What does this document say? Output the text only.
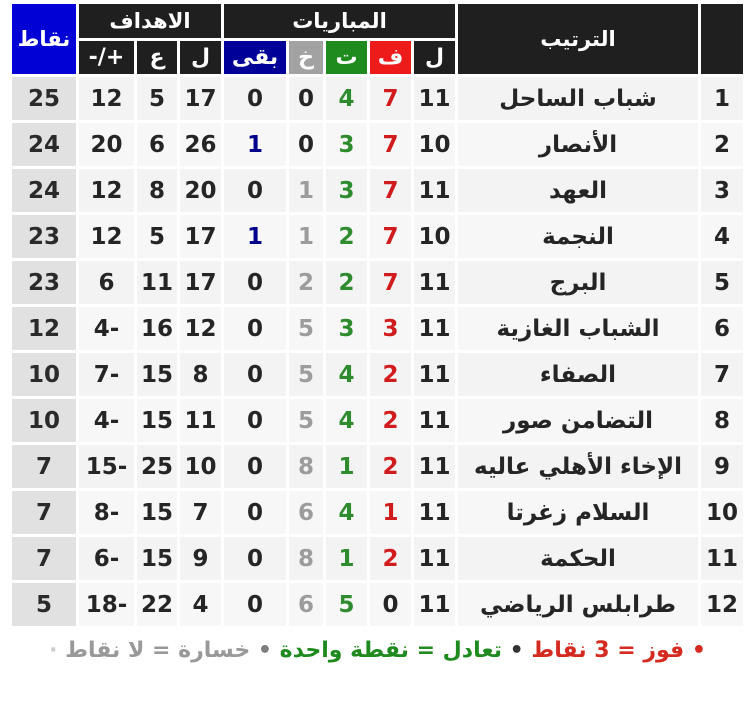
	الترتيب	المباريات					الاهداف			نقاط
		ل	ف	ت	خ	بقى	ل	ع	+/-	
1	شباب الساحل	11	7	4	0	0	17	5	12	25
2	الأنصار	10	7	3	0	1	26	6	20	24
3	العهد	11	7	3	1	0	20	8	12	24
4	النجمة	10	7	2	1	1	17	5	12	23
5	البرج	11	7	2	2	0	17	11	6	23
6	الشباب الغازية	11	3	3	5	0	12	16	-4	12
7	الصفاء	11	2	4	5	0	8	15	-7	10
8	التضامن صور	11	2	4	5	0	11	15	-4	10
9	الإخاء الأهلي عاليه	11	2	1	8	0	10	25	-15	7
10	السلام زغرتا	11	1	4	6	0	7	15	-8	7
11	الحكمة	11	2	1	8	0	9	15	-6	7
12	طرابلس الرياضي	11	0	5	6	0	4	22	-18	5
• فوز = 3 نقاط • تعادل = نقطة واحدة • خسارة = لا نقاط ·
